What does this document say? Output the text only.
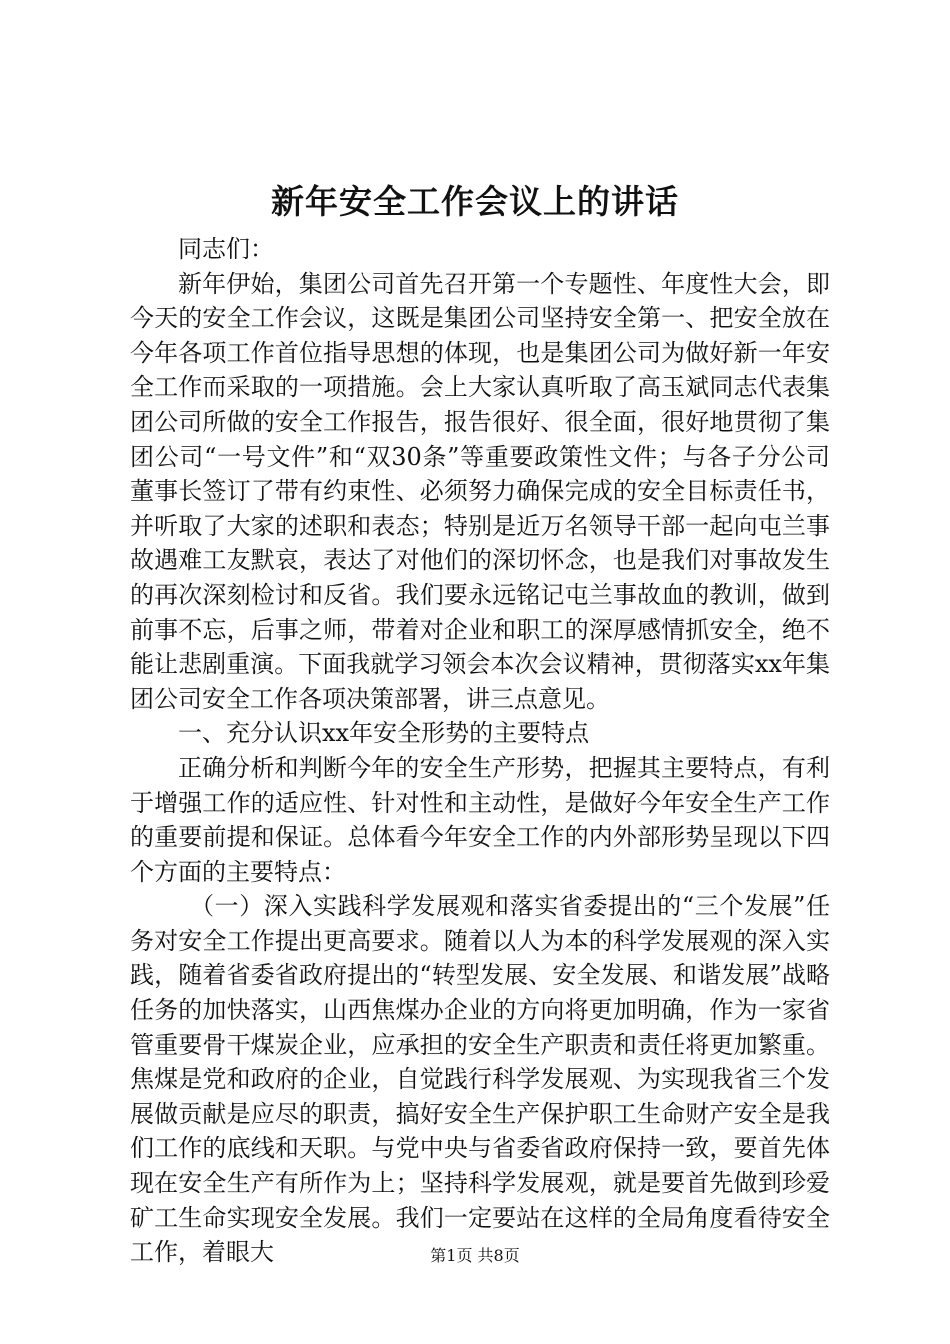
新年安全工作会议上的讲话

同志们：

新年伊始，集团公司首先召开第一个专题性、年度性大会，即今天的安全工作会议，这既是集团公司坚持安全第一、把安全放在今年各项工作首位指导思想的体现，也是集团公司为做好新一年安全工作而采取的一项措施。会上大家认真听取了高玉斌同志代表集团公司所做的安全工作报告，报告很好、很全面，很好地贯彻了集团公司“一号文件”和“双30条”等重要政策性文件；与各子分公司董事长签订了带有约束性、必须努力确保完成的安全目标责任书，并听取了大家的述职和表态；特别是近万名领导干部一起向屯兰事故遇难工友默哀，表达了对他们的深切怀念，也是我们对事故发生的再次深刻检讨和反省。我们要永远铭记屯兰事故血的教训，做到前事不忘，后事之师，带着对企业和职工的深厚感情抓安全，绝不能让悲剧重演。下面我就学习领会本次会议精神，贯彻落实xx年集团公司安全工作各项决策部署，讲三点意见。

一、充分认识xx年安全形势的主要特点

正确分析和判断今年的安全生产形势，把握其主要特点，有利于增强工作的适应性、针对性和主动性，是做好今年安全生产工作的重要前提和保证。总体看今年安全工作的内外部形势呈现以下四个方面的主要特点：

（一）深入实践科学发展观和落实省委提出的“三个发展”任务对安全工作提出更高要求。随着以人为本的科学发展观的深入实践，随着省委省政府提出的“转型发展、安全发展、和谐发展”战略任务的加快落实，山西焦煤办企业的方向将更加明确，作为一家省管重要骨干煤炭企业，应承担的安全生产职责和责任将更加繁重。焦煤是党和政府的企业，自觉践行科学发展观、为实现我省三个发展做贡献是应尽的职责，搞好安全生产保护职工生命财产安全是我们工作的底线和天职。与党中央与省委省政府保持一致，要首先体现在安全生产有所作为上；坚持科学发展观，就是要首先做到珍爱矿工生命实现安全发展。我们一定要站在这样的全局角度看待安全工作，着眼大	第1页 共8页
